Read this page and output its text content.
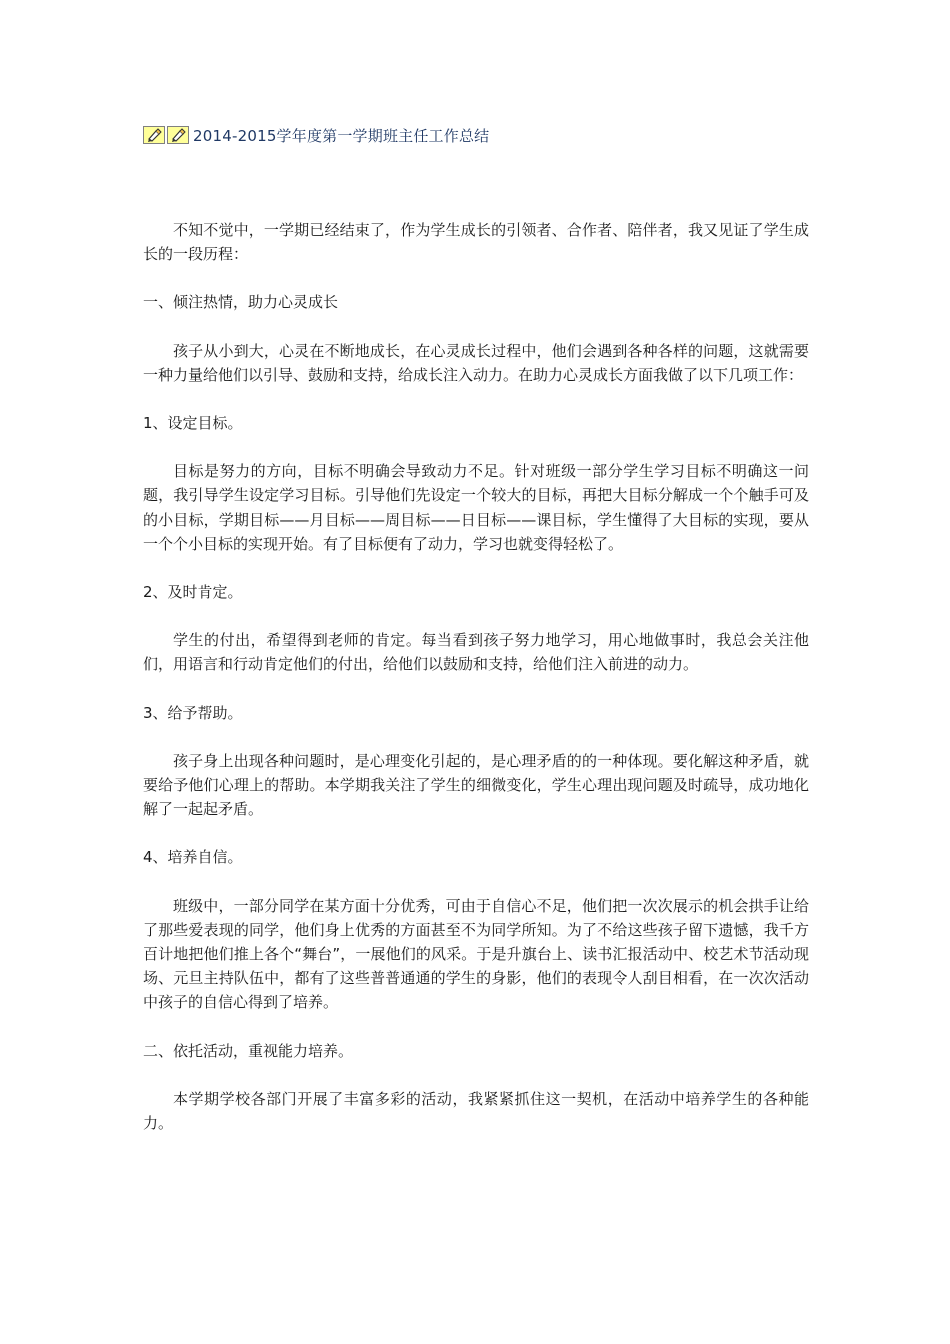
2014-2015学年度第一学期班主任工作总结

不知不觉中，一学期已经结束了，作为学生成长的引领者、合作者、陪伴者，我又见证了学生成长的一段历程：

一、倾注热情，助力心灵成长

孩子从小到大，心灵在不断地成长，在心灵成长过程中，他们会遇到各种各样的问题，这就需要一种力量给他们以引导、鼓励和支持，给成长注入动力。在助力心灵成长方面我做了以下几项工作：

1、设定目标。

目标是努力的方向，目标不明确会导致动力不足。针对班级一部分学生学习目标不明确这一问题，我引导学生设定学习目标。引导他们先设定一个较大的目标，再把大目标分解成一个个触手可及的小目标，学期目标——月目标——周目标——日目标——课目标，学生懂得了大目标的实现，要从一个个小目标的实现开始。有了目标便有了动力，学习也就变得轻松了。

2、及时肯定。

学生的付出，希望得到老师的肯定。每当看到孩子努力地学习，用心地做事时，我总会关注他们，用语言和行动肯定他们的付出，给他们以鼓励和支持，给他们注入前进的动力。

3、给予帮助。

孩子身上出现各种问题时，是心理变化引起的，是心理矛盾的的一种体现。要化解这种矛盾，就要给予他们心理上的帮助。本学期我关注了学生的细微变化，学生心理出现问题及时疏导，成功地化解了一起起矛盾。

4、培养自信。

班级中，一部分同学在某方面十分优秀，可由于自信心不足，他们把一次次展示的机会拱手让给了那些爱表现的同学，他们身上优秀的方面甚至不为同学所知。为了不给这些孩子留下遗憾，我千方百计地把他们推上各个“舞台”，一展他们的风采。于是升旗台上、读书汇报活动中、校艺术节活动现场、元旦主持队伍中，都有了这些普普通通的学生的身影，他们的表现令人刮目相看，在一次次活动中孩子的自信心得到了培养。

二、依托活动，重视能力培养。

本学期学校各部门开展了丰富多彩的活动，我紧紧抓住这一契机，在活动中培养学生的各种能力。
